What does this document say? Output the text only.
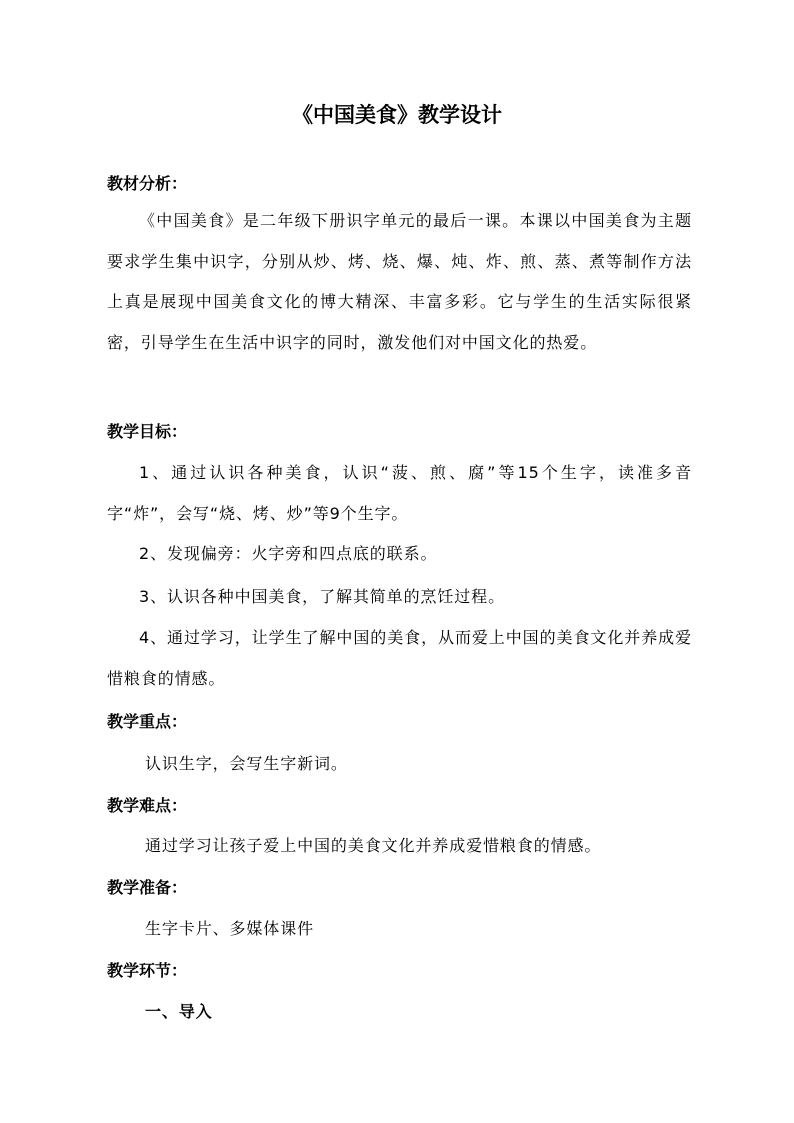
《中国美食》教学设计
教材分析：
《中国美食》是二年级下册识字单元的最后一课。本课以中国美食为主题要求学生集中识字，分别从炒、烤、烧、爆、炖、炸、煎、蒸、煮等制作方法上真是展现中国美食文化的博大精深、丰富多彩。它与学生的生活实际很紧密，引导学生在生活中识字的同时，激发他们对中国文化的热爱。
教学目标：
1、通过认识各种美食，认识“菠、煎、腐”等15个生字，读准多音字“炸”，会写“烧、烤、炒”等9个生字。
2、发现偏旁：火字旁和四点底的联系。
3、认识各种中国美食，了解其简单的烹饪过程。
4、通过学习，让学生了解中国的美食，从而爱上中国的美食文化并养成爱惜粮食的情感。
教学重点：
认识生字，会写生字新词。
教学难点：
通过学习让孩子爱上中国的美食文化并养成爱惜粮食的情感。
教学准备：
生字卡片、多媒体课件
教学环节：
一、导入
